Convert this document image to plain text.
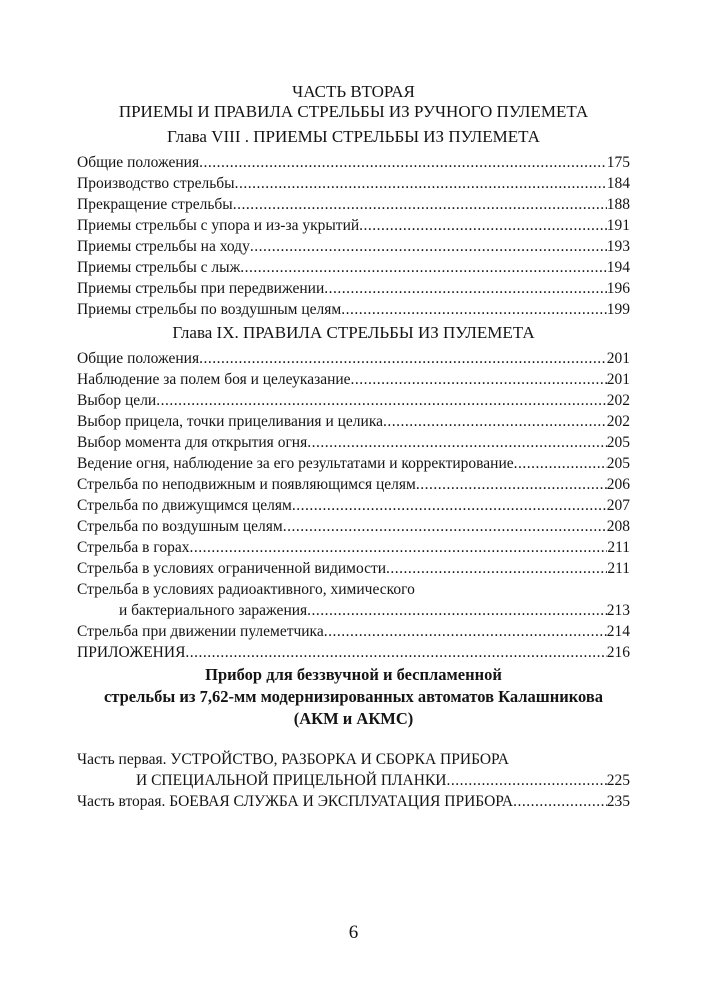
ЧАСТЬ ВТОРАЯ
ПРИЕМЫ И ПРАВИЛА СТРЕЛЬБЫ ИЗ РУЧНОГО ПУЛЕМЕТА
Глава VIII . ПРИЕМЫ СТРЕЛЬБЫ ИЗ ПУЛЕМЕТА
Общие положения .....	175
Производство стрельбы .....	184
Прекращение стрельбы .....	188
Приемы стрельбы с упора и из-за укрытий .....	191
Приемы стрельбы на ходу .....	193
Приемы стрельбы с лыж .....	194
Приемы стрельбы при передвижении .....	196
Приемы стрельбы по воздушным целям .....	199
Глава IX. ПРАВИЛА СТРЕЛЬБЫ ИЗ ПУЛЕМЕТА
Общие положения .....	201
Наблюдение за полем боя и целеуказание .....	201
Выбор цели .....	202
Выбор прицела, точки прицеливания и целика .....	202
Выбор момента для открытия огня .....	205
Ведение огня, наблюдение за его результатами и корректирование .....	205
Стрельба по неподвижным и появляющимся целям .....	206
Стрельба по движущимся целям .....	207
Стрельба по воздушным целям .....	208
Стрельба в горах .....	211
Стрельба в условиях ограниченной видимости .....	211
Стрельба в условиях радиоактивного, химического
и бактериального заражения .....	213
Стрельба при движении пулеметчика .....	214
ПРИЛОЖЕНИЯ .....	216
Прибор для беззвучной и беспламенной
стрельбы из 7,62-мм модернизированных автоматов Калашникова
(АКМ и АКМС)
Часть первая. УСТРОЙСТВО, РАЗБОРКА И СБОРКА ПРИБОРА
И СПЕЦИАЛЬНОЙ ПРИЦЕЛЬНОЙ ПЛАНКИ .....	225
Часть вторая. БОЕВАЯ СЛУЖБА И ЭКСПЛУАТАЦИЯ ПРИБОРА .....	235
6
